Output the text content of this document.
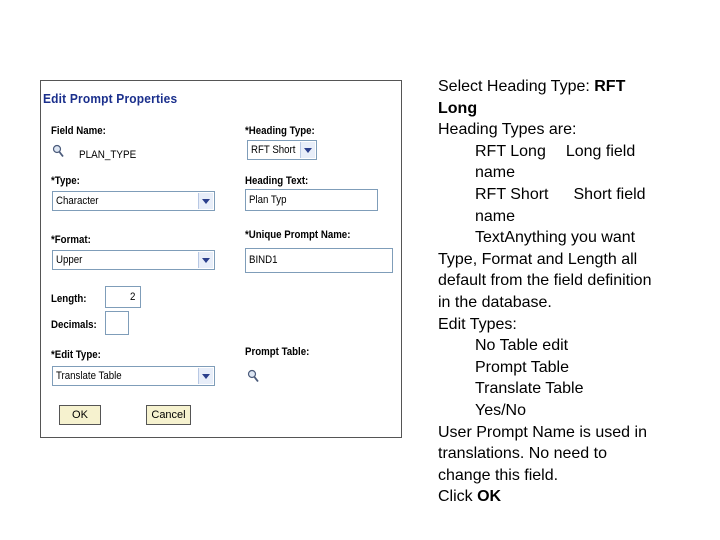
Edit Prompt Properties
Field Name:
PLAN_TYPE
*Heading Type:
RFT Short
*Type:
Character
Heading Text:
Plan Typ
*Format:
Upper
*Unique Prompt Name:
BIND1
Length:	2
Decimals:
*Edit Type:
Translate Table
Prompt Table:
OK	Cancel
Select Heading Type: RFT
Long
Heading Types are:
RFT Long Long field
name
RFT Short Short field
name
TextAnything you want
Type, Format and Length all
default from the field definition
in the database.
Edit Types:
No Table edit
Prompt Table
Translate Table
Yes/No
User Prompt Name is used in
translations. No need to
change this field.
Click OK
